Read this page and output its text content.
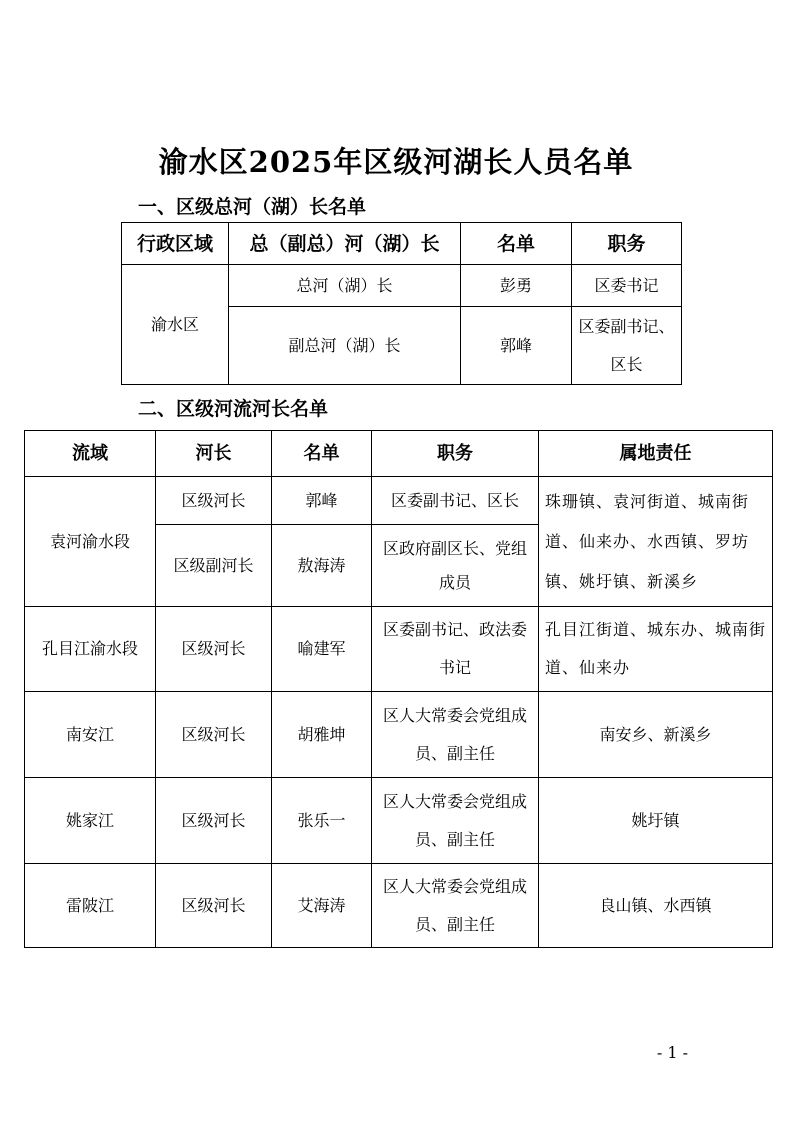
渝水区2025年区级河湖长人员名单
一、区级总河（湖）长名单
行政区域	总（副总）河（湖）长	名单	职务
渝水区	总河（湖）长	彭勇	区委书记
	副总河（湖）长	郭峰	区委副书记、区长
二、区级河流河长名单
流域	河长	名单	职务	属地责任
袁河渝水段	区级河长	郭峰	区委副书记、区长	珠珊镇、袁河街道、城南街道、仙来办、水西镇、罗坊镇、姚圩镇、新溪乡
	区级副河长	敖海涛	区政府副区长、党组成员	
孔目江渝水段	区级河长	喻建军	区委副书记、政法委书记	孔目江街道、城东办、城南街道、仙来办
南安江	区级河长	胡雅坤	区人大常委会党组成员、副主任	南安乡、新溪乡
姚家江	区级河长	张乐一	区人大常委会党组成员、副主任	姚圩镇
雷陂江	区级河长	艾海涛	区人大常委会党组成员、副主任	良山镇、水西镇
- 1 -
